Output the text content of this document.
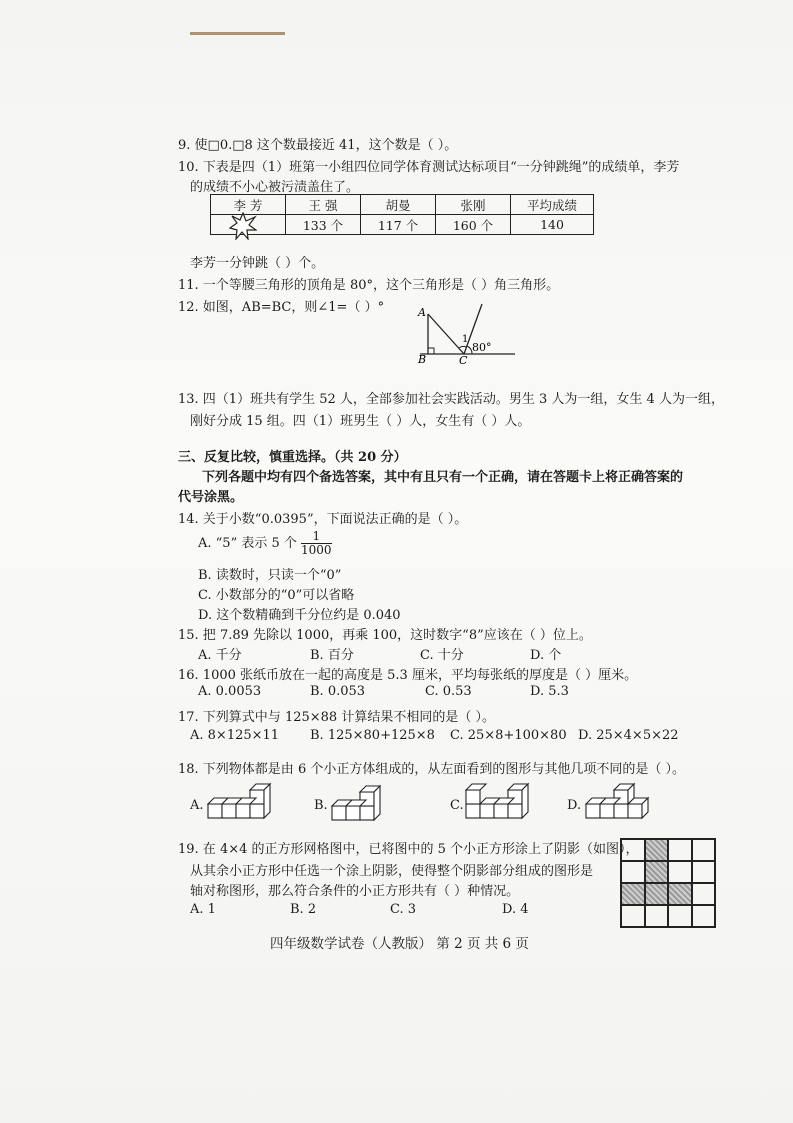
9. 使□0.□8 这个数最接近 41，这个数是（ ）。
10. 下表是四（1）班第一小组四位同学体育测试达标项目“一分钟跳绳”的成绩单，李芳
的成绩不小心被污渍盖住了。
李 芳	王 强	胡曼	张刚	平均成绩
	133 个	117 个	160 个	140
李芳一分钟跳（ ）个。
11. 一个等腰三角形的顶角是 80°，这个三角形是（ ）角三角形。
12. 如图，AB=BC，则∠1=（ ）°	A
B	C
1
80°
13. 四（1）班共有学生 52 人，全部参加社会实践活动。男生 3 人为一组，女生 4 人为一组，
刚好分成 15 组。四（1）班男生（ ）人，女生有（ ）人。
三、反复比较，慎重选择。（共 20 分）
下列各题中均有四个备选答案，其中有且只有一个正确，请在答题卡上将正确答案的
代号涂黑。
14. 关于小数“0.0395”，下面说法正确的是（ ）。
A. “5” 表示 5 个 $\frac{1}{1000}$
B. 读数时，只读一个“0”
C. 小数部分的“0”可以省略
D. 这个数精确到千分位约是 0.040
15. 把 7.89 先除以 1000，再乘 100，这时数字“8”应该在（ ）位上。
A. 千分	B. 百分	C. 十分	D. 个
16. 1000 张纸币放在一起的高度是 5.3 厘米，平均每张纸的厚度是（ ）厘米。
A. 0.0053	B. 0.053	C. 0.53	D. 5.3
17. 下列算式中与 125×88 计算结果不相同的是（ ）。
A. 8×125×11 B. 125×80+125×8 C. 25×8+100×80 D. 25×4×5×22
18. 下列物体都是由 6 个小正方体组成的，从左面看到的图形与其他几项不同的是（ ）。
A.	B.	C.	D.
19. 在 4×4 的正方形网格图中，已将图中的 5 个小正方形涂上了阴影（如图），
从其余小正方形中任选一个涂上阴影，使得整个阴影部分组成的图形是
轴对称图形，那么符合条件的小正方形共有（ ）种情况。
A. 1	B. 2	C. 3	D. 4
四年级数学试卷（人教版） 第 2 页 共 6 页
